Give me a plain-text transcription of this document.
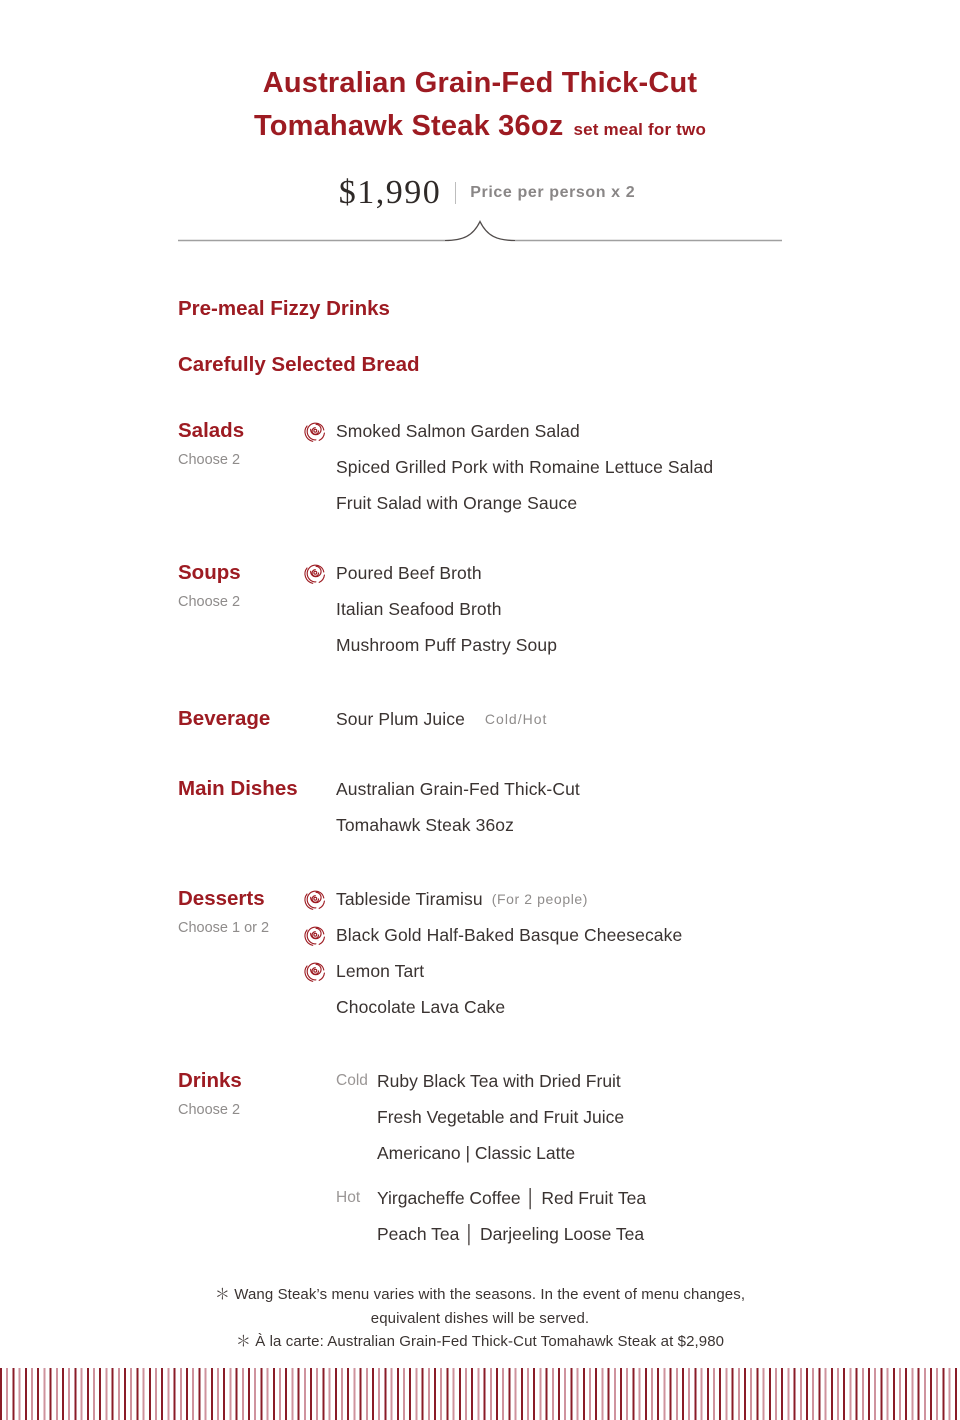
Australian Grain-Fed Thick-Cut
Tomahawk Steak 36oz set meal for two
$1,990 Price per person x 2
Pre-meal Fizzy Drinks
Carefully Selected Bread
Salads

Choose 2

Smoked Salmon Garden Salad
Spiced Grilled Pork with Romaine Lettuce Salad
Fruit Salad with Orange Sauce
Soups

Choose 2

Poured Beef Broth
Italian Seafood Broth
Mushroom Puff Pastry Soup
Beverage	Sour Plum Juice Cold/Hot
Main Dishes Australian Grain-Fed Thick-Cut
Tomahawk Steak 36oz
Desserts

Choose 1 or 2

Tableside Tiramisu (For 2 people)
Black Gold Half-Baked Basque Cheesecake
Lemon Tart
Chocolate Lava Cake
Drinks

Choose 2

Cold Ruby Black Tea with Dried Fruit
Fresh Vegetable and Fruit Juice
Americano | Classic Latte
Hot Yirgacheffe Coffee │ Red Fruit Tea
Peach Tea │ Darjeeling Loose Tea

＊ Wang Steak’s menu varies with the seasons. In the event of menu changes,

equivalent dishes will be served.

＊ À la carte: Australian Grain-Fed Thick-Cut Tomahawk Steak at $2,980
